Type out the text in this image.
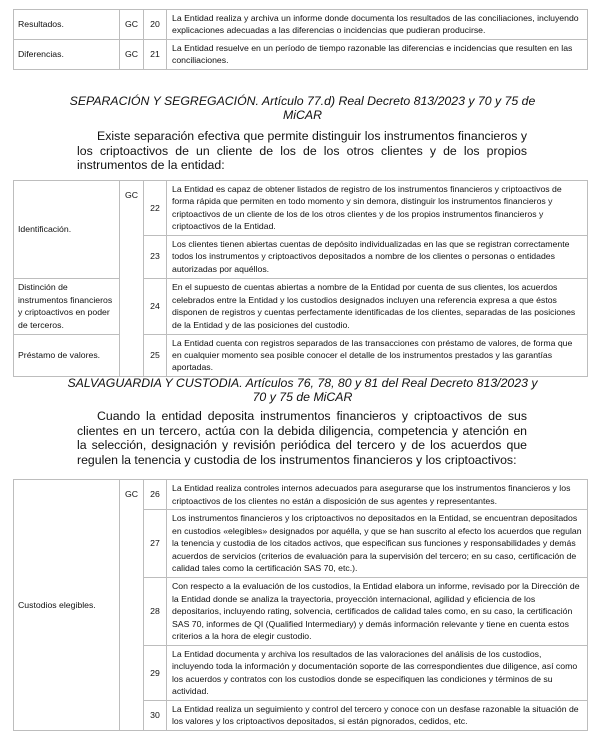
Resultados.	GC	20	La Entidad realiza y archiva un informe donde documenta los resultados de las conciliaciones, incluyendo explicaciones adecuadas a las diferencias o incidencias que pudieran producirse.
Diferencias.	GC	21	La Entidad resuelve en un período de tiempo razonable las diferencias e incidencias que resulten en las conciliaciones.
SEPARACIÓN Y SEGREGACIÓN. Artículo 77.d) Real Decreto 813/2023 y 70 y 75 de MiCAR
Existe separación efectiva que permite distinguir los instrumentos financieros y los criptoactivos de un cliente de los de los otros clientes y de los propios instrumentos de la entidad:
Identificación.	GC	22	La Entidad es capaz de obtener listados de registro de los instrumentos financieros y criptoactivos de forma rápida que permiten en todo momento y sin demora, distinguir los instrumentos financieros y criptoactivos de un cliente de los de los otros clientes y de los propios instrumentos financieros y criptoactivos de la Entidad.
		23	Los clientes tienen abiertas cuentas de depósito individualizadas en las que se registran correctamente todos los instrumentos y criptoactivos depositados a nombre de los clientes o personas o entidades autorizadas por aquéllos.
Distinción de instrumentos financieros y criptoactivos en poder de terceros.		24	En el supuesto de cuentas abiertas a nombre de la Entidad por cuenta de sus clientes, los acuerdos celebrados entre la Entidad y los custodios designados incluyen una referencia expresa a que éstos disponen de registros y cuentas perfectamente identificadas de los clientes, separadas de las posiciones de la Entidad y de las posiciones del custodio.
Préstamo de valores.		25	La Entidad cuenta con registros separados de las transacciones con préstamo de valores, de forma que en cualquier momento sea posible conocer el detalle de los instrumentos prestados y las garantías aportadas.
SALVAGUARDIA Y CUSTODIA. Artículos 76, 78, 80 y 81 del Real Decreto 813/2023 y 70 y 75 de MiCAR
Cuando la entidad deposita instrumentos financieros y criptoactivos de sus clientes en un tercero, actúa con la debida diligencia, competencia y atención en la selección, designación y revisión periódica del tercero y de los acuerdos que regulen la tenencia y custodia de los instrumentos financieros y los criptoactivos:
Custodios elegibles.	GC	26	La Entidad realiza controles internos adecuados para asegurarse que los instrumentos financieros y los criptoactivos de los clientes no están a disposición de sus agentes y representantes.
		27	Los instrumentos financieros y los criptoactivos no depositados en la Entidad, se encuentran depositados en custodios «elegibles» designados por aquélla, y que se han suscrito al efecto los acuerdos que regulan la tenencia y custodia de los citados activos, que especifican sus funciones y responsabilidades y demás acuerdos de servicios (criterios de evaluación para la supervisión del tercero; en su caso, certificación de calidad tales como la certificación SAS 70, etc.).
		28	Con respecto a la evaluación de los custodios, la Entidad elabora un informe, revisado por la Dirección de la Entidad donde se analiza la trayectoria, proyección internacional, agilidad y eficiencia de los depositarios, incluyendo rating, solvencia, certificados de calidad tales como, en su caso, la certificación SAS 70, informes de QI (Qualified Intermediary) y demás información relevante y tiene en cuenta estos criterios a la hora de elegir custodio.
		29	La Entidad documenta y archiva los resultados de las valoraciones del análisis de los custodios, incluyendo toda la información y documentación soporte de las correspondientes due diligence, así como los acuerdos y contratos con los custodios donde se especifiquen las condiciones y términos de su actividad.
		30	La Entidad realiza un seguimiento y control del tercero y conoce con un desfase razonable la situación de los valores y los criptoactivos depositados, si están pignorados, cedidos, etc.
